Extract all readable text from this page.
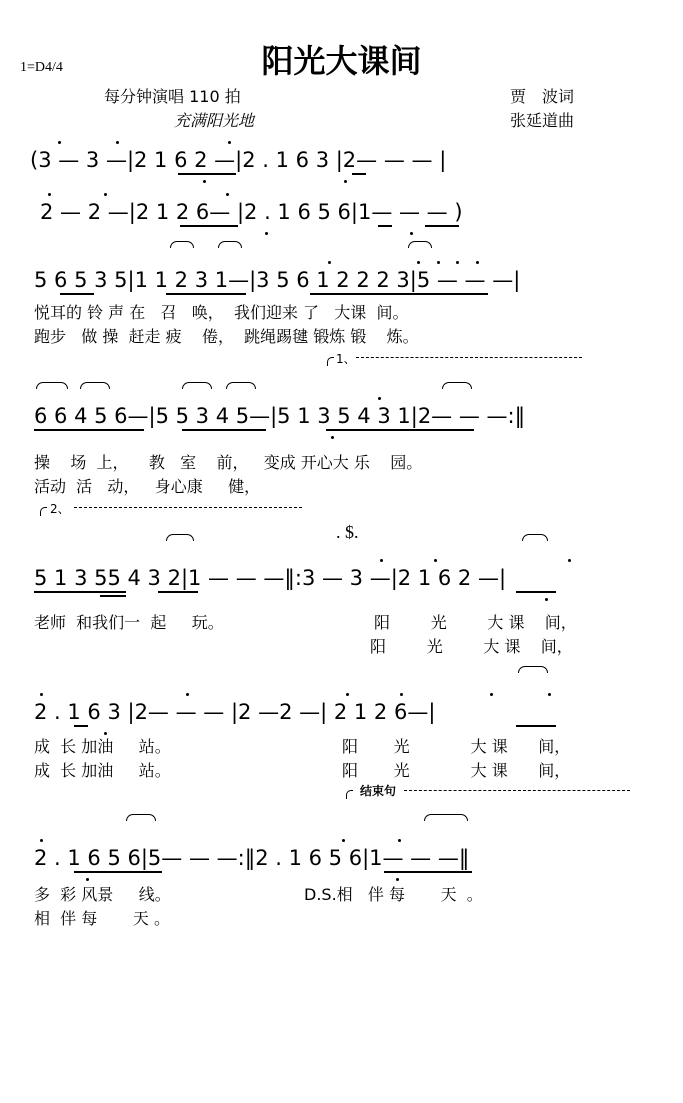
阳光大课间
1=D4/4
每分钟演唱 110 拍
充满阳光地
贾　波词
张延道曲
(3 — 3 —|2 1 6 2 —|2 . 1 6 3 |2— — — |
2 — 2 —|2 1 2 6— |2 . 1 6 5 6|1— — — )
5 6 5 3 5|1 1 2 3 1—|3 5 6 1 2 2 2 3|5 — — —|
悦耳的 铃 声 在   召   唤，  我们迎来 了   大课  间。
跑步   做 操  赶走 疲    倦，  跳绳踢毽 锻炼 锻    炼。
1、
6 6 4 5 6—|5 5 3 4 5—|5 1 3 5 4 3 1|2— — —:‖
操    场  上，    教   室    前，   变成 开心大 乐    园。
活动  活   动，   身心康     健，
2、
. $.
5 1 3 55 4 3 2|1 — — —‖:3 — 3 —|2 1 6 2 —|
老师  和我们一  起     玩。	阳        光        大 课    间，
阳        光        大 课    间，
2 . 1 6 3 |2— — — |2 —2 —| 2 1 2 6—|
成  长 加油     站。
成  长 加油     站。
阳       光            大 课      间，
阳       光            大 课      间，
结束句
2 . 1 6 5 6|5— — —:‖2 . 1 6 5 6|1— — —‖
多  彩 风景     线。
相  伴 每       天 。
D.S.相   伴 每       天  。
